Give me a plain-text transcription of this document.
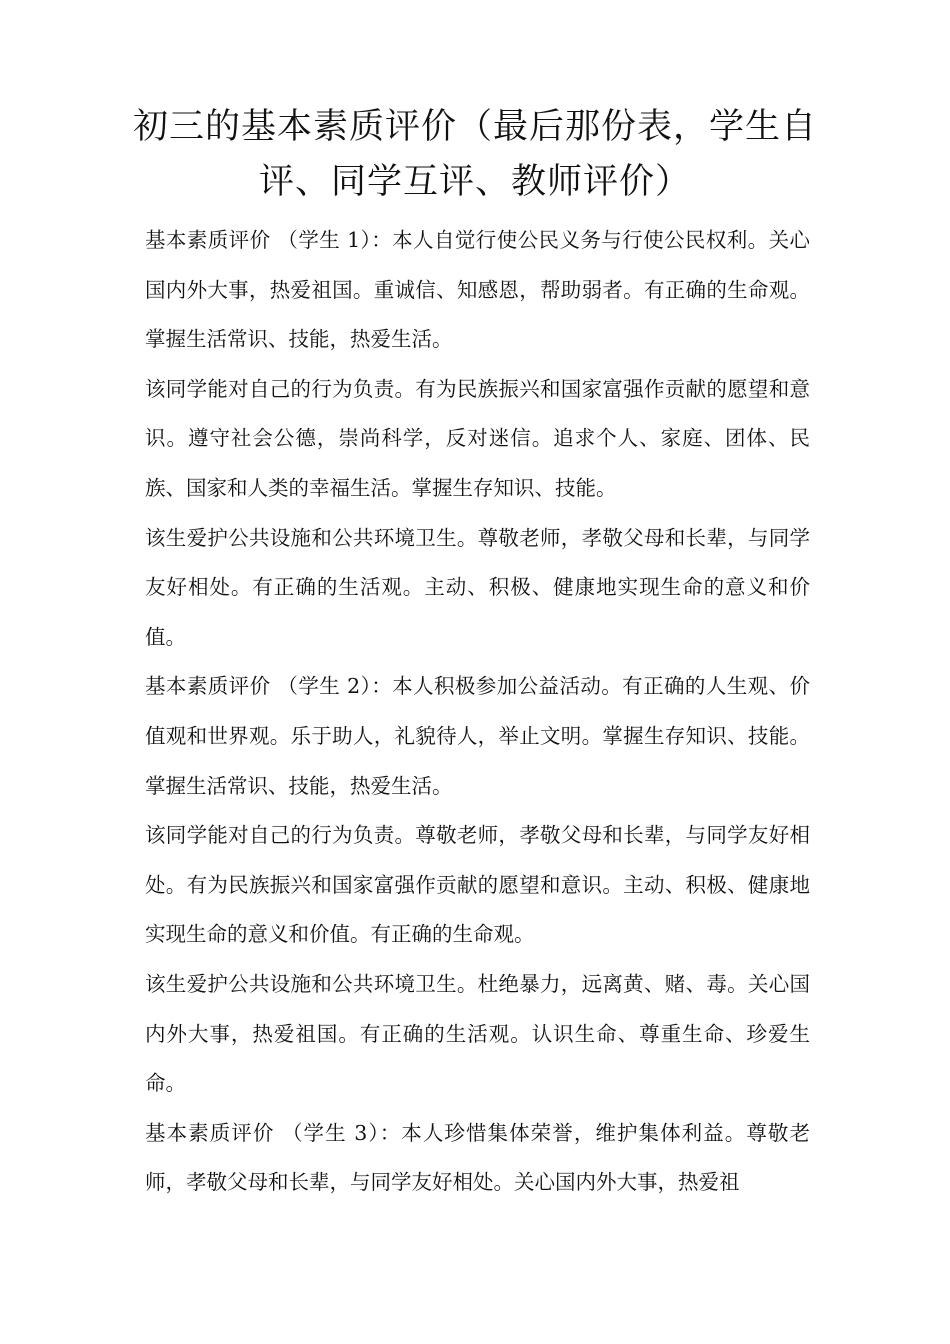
初三的基本素质评价（最后那份表，学生自
评、同学互评、教师评价）

基本素质评价 （学生 1）：本人自觉行使公民义务与行使公民权利。关心国内外大事，热爱祖国。重诚信、知感恩，帮助弱者。有正确的生命观。掌握生活常识、技能，热爱生活。

该同学能对自己的行为负责。有为民族振兴和国家富强作贡献的愿望和意识。遵守社会公德，崇尚科学，反对迷信。追求个人、家庭、团体、民族、国家和人类的幸福生活。掌握生存知识、技能。

该生爱护公共设施和公共环境卫生。尊敬老师，孝敬父母和长辈，与同学友好相处。有正确的生活观。主动、积极、健康地实现生命的意义和价值。

基本素质评价 （学生 2）：本人积极参加公益活动。有正确的人生观、价值观和世界观。乐于助人，礼貌待人，举止文明。掌握生存知识、技能。掌握生活常识、技能，热爱生活。

该同学能对自己的行为负责。尊敬老师，孝敬父母和长辈，与同学友好相处。有为民族振兴和国家富强作贡献的愿望和意识。主动、积极、健康地实现生命的意义和价值。有正确的生命观。

该生爱护公共设施和公共环境卫生。杜绝暴力，远离黄、赌、毒。关心国内外大事，热爱祖国。有正确的生活观。认识生命、尊重生命、珍爱生命。

基本素质评价 （学生 3）：本人珍惜集体荣誉，维护集体利益。尊敬老师，孝敬父母和长辈，与同学友好相处。关心国内外大事，热爱祖
